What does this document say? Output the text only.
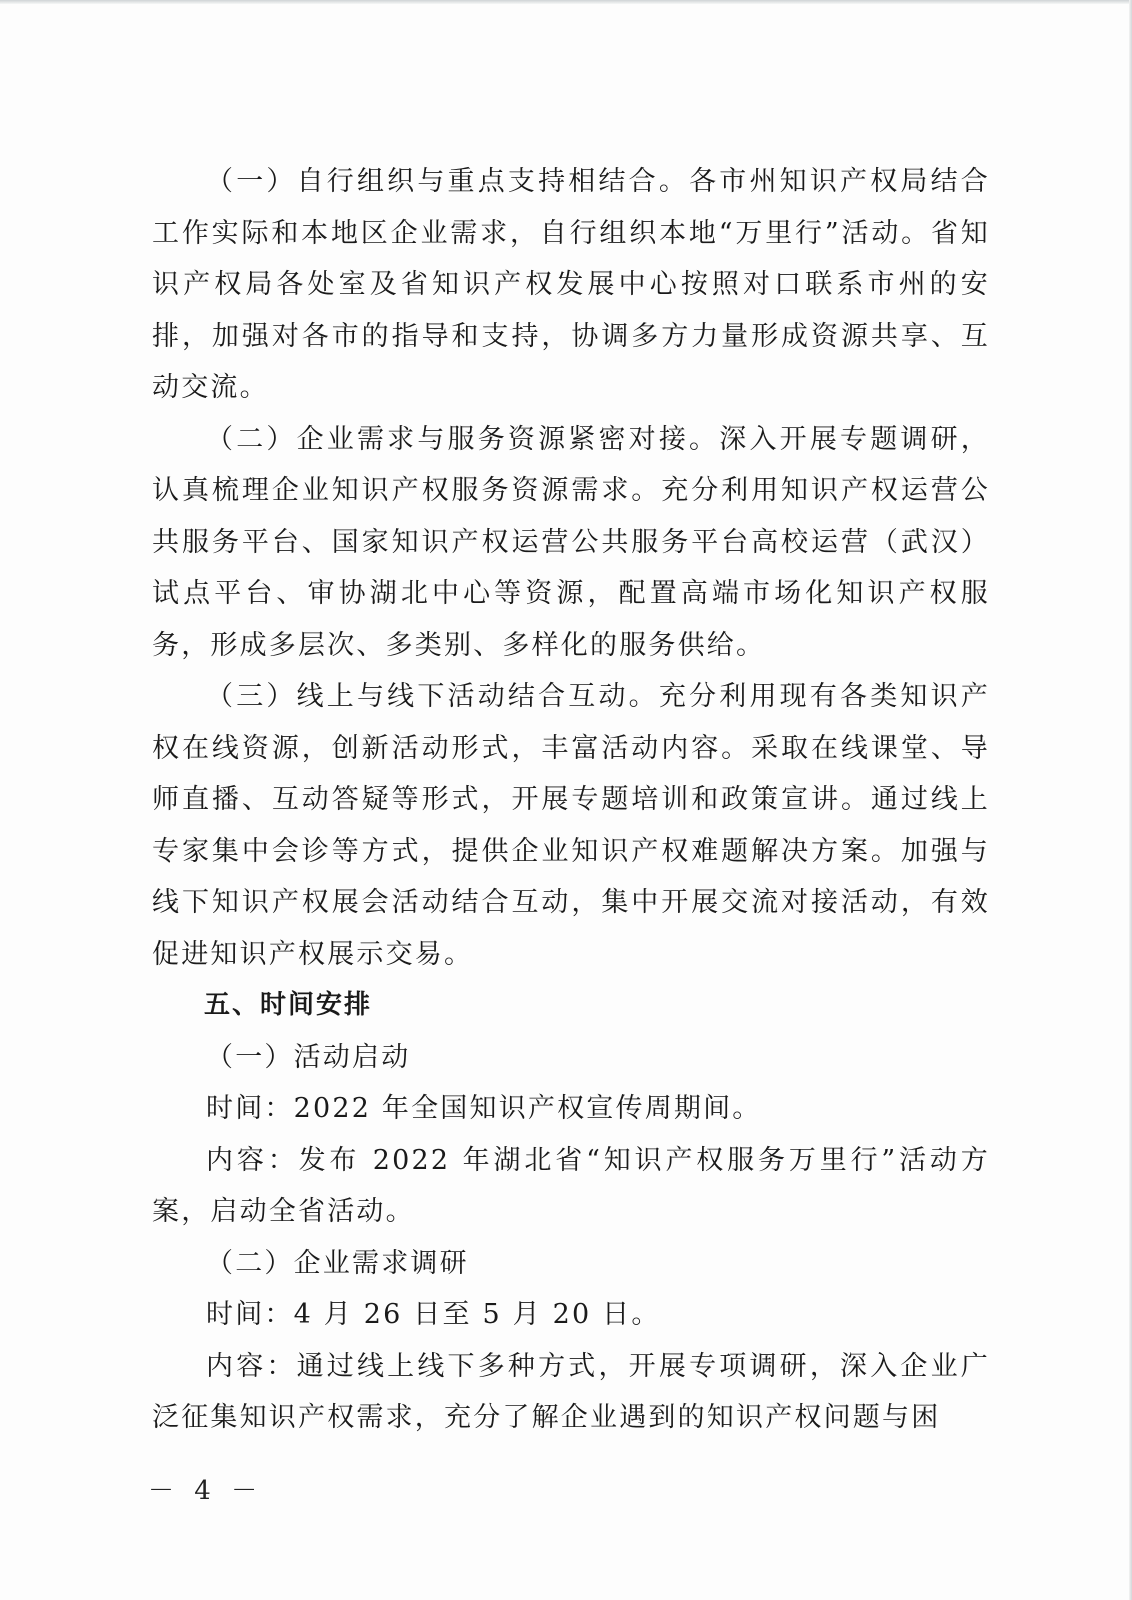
（一）自行组织与重点支持相结合。各市州知识产权局结合工作实际和本地区企业需求，自行组织本地“万里行”活动。省知识产权局各处室及省知识产权发展中心按照对口联系市州的安排，加强对各市的指导和支持，协调多方力量形成资源共享、互动交流。

（二）企业需求与服务资源紧密对接。深入开展专题调研，认真梳理企业知识产权服务资源需求。充分利用知识产权运营公共服务平台、国家知识产权运营公共服务平台高校运营（武汉）试点平台、审协湖北中心等资源，配置高端市场化知识产权服务，形成多层次、多类别、多样化的服务供给。

（三）线上与线下活动结合互动。充分利用现有各类知识产权在线资源，创新活动形式，丰富活动内容。采取在线课堂、导师直播、互动答疑等形式，开展专题培训和政策宣讲。通过线上专家集中会诊等方式，提供企业知识产权难题解决方案。加强与线下知识产权展会活动结合互动，集中开展交流对接活动，有效促进知识产权展示交易。

五、时间安排

（一）活动启动

时间：2022 年全国知识产权宣传周期间。

内容：发布 2022 年湖北省“知识产权服务万里行”活动方案，启动全省活动。

（二）企业需求调研

时间：4 月 26 日至 5 月 20 日。

内容：通过线上线下多种方式，开展专项调研，深入企业广泛征集知识产权需求，充分了解企业遇到的知识产权问题与困

－ 4 －
